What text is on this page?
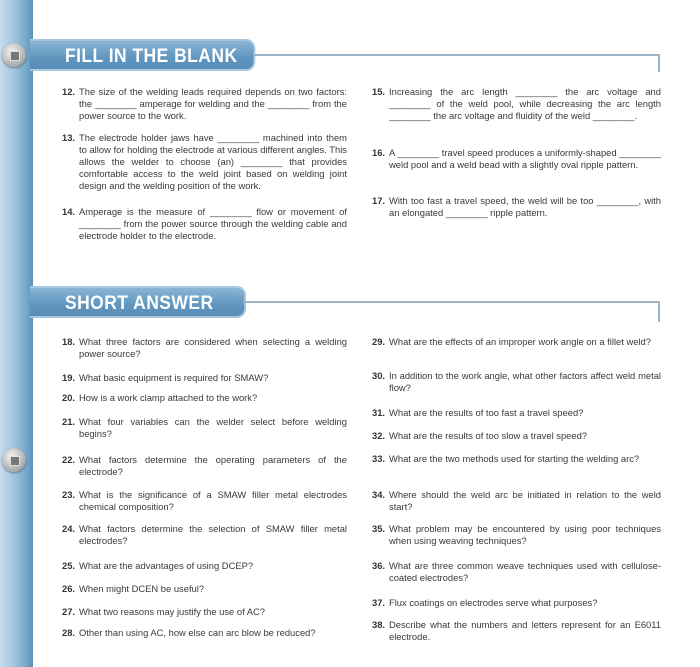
FILL IN THE BLANK
SHORT ANSWER
12. The size of the welding leads required depends on two factors: the ________ amperage for welding and the ________ from the power source to the work.
13. The electrode holder jaws have ________ machined into them to allow for holding the electrode at various different angles. This allows the welder to choose (an) ________ that provides comfortable access to the weld joint based on welding joint design and the welding position of the work.
14. Amperage is the measure of ________ flow or movement of ________ from the power source through the welding cable and electrode holder to the electrode.
15. Increasing the arc length ________ the arc voltage and ________ of the weld pool, while decreasing the arc length ________ the arc voltage and fluidity of the weld ________.
16. A ________ travel speed produces a uniformly-shaped ________ weld pool and a weld bead with a slightly oval ripple pattern.
17. With too fast a travel speed, the weld will be too ________, with an elongated ________ ripple pattern.
18. What three factors are considered when selecting a welding power source?
19. What basic equipment is required for SMAW?
20. How is a work clamp attached to the work?
21. What four variables can the welder select before welding begins?
22. What factors determine the operating parameters of the electrode?
23. What is the significance of a SMAW filler metal electrodes chemical composition?
24. What factors determine the selection of SMAW filler metal electrodes?
25. What are the advantages of using DCEP?
26. When might DCEN be useful?
27. What two reasons may justify the use of AC?
28. Other than using AC, how else can arc blow be reduced?
29. What are the effects of an improper work angle on a fillet weld?
30. In addition to the work angle, what other factors affect weld metal flow?
31. What are the results of too fast a travel speed?
32. What are the results of too slow a travel speed?
33. What are the two methods used for starting the welding arc?
34. Where should the weld arc be initiated in relation to the weld start?
35. What problem may be encountered by using poor techniques when using weaving techniques?
36. What are three common weave techniques used with cellulose-coated electrodes?
37. Flux coatings on electrodes serve what purposes?
38. Describe what the numbers and letters represent for an E6011 electrode.
